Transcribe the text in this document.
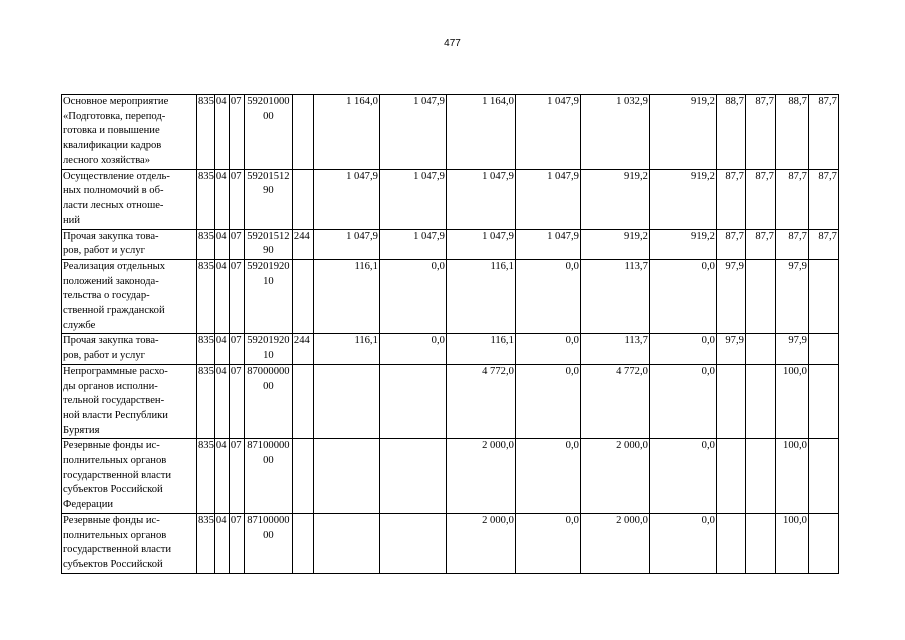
477
Основное мероприятие
«Подготовка, перепод-
готовка и повышение
квалификации кадров
лесного хозяйства»	835	04	07	5920100000		1 164,0	1 047,9	1 164,0	1 047,9	1 032,9	919,2	88,7	87,7	88,7	87,7

Осуществление отдель-
ных полномочий в об-
ласти лесных отноше-
ний	835	04	07	5920151290		1 047,9	1 047,9	1 047,9	1 047,9	919,2	919,2	87,7	87,7	87,7	87,7

Прочая закупка това-
ров, работ и услуг	835	04	07	5920151290	244	1 047,9	1 047,9	1 047,9	1 047,9	919,2	919,2	87,7	87,7	87,7	87,7

Реализация отдельных
положений законода-
тельства о государ-
ственной гражданской
службе	835	04	07	5920192010		116,1	0,0	116,1	0,0	113,7	0,0	97,9		97,9	

Прочая закупка това-
ров, работ и услуг	835	04	07	5920192010	244	116,1	0,0	116,1	0,0	113,7	0,0	97,9		97,9	

Непрограммные расхо-
ды органов исполни-
тельной государствен-
ной власти Республики
Бурятия	835	04	07	8700000000				4 772,0	0,0	4 772,0	0,0			100,0	

Резервные фонды ис-
полнительных органов
государственной власти
субъектов Российской
Федерации	835	04	07	8710000000				2 000,0	0,0	2 000,0	0,0			100,0	

Резервные фонды ис-
полнительных органов
государственной власти
субъектов Российской	835	04	07	8710000000				2 000,0	0,0	2 000,0	0,0			100,0	
